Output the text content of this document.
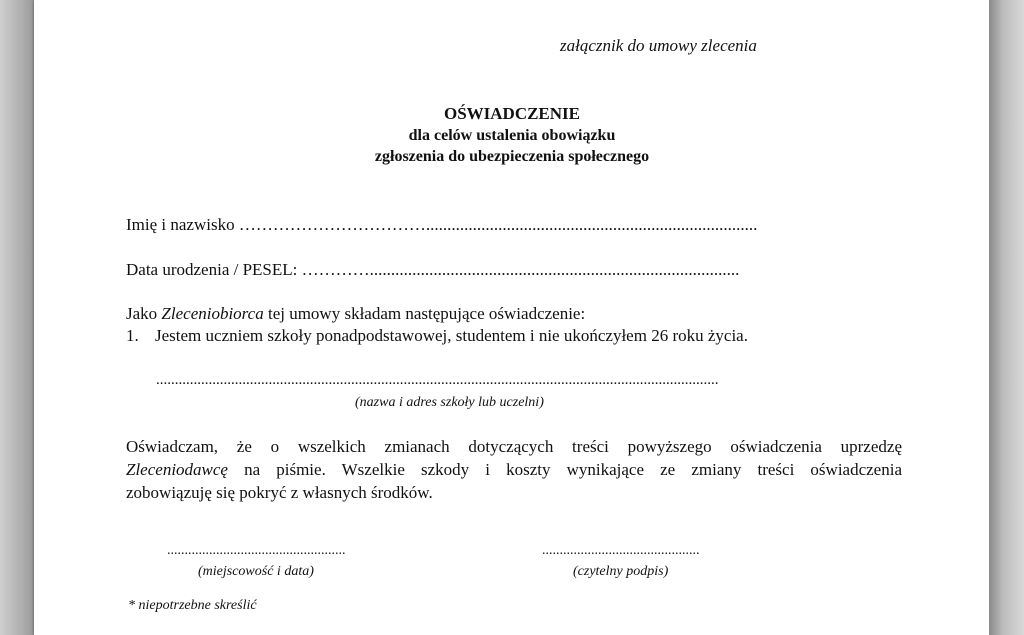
załącznik do umowy zlecenia
OŚWIADCZENIE
dla celów ustalenia obowiązku
zgłoszenia do ubezpieczenia społecznego
Imię i nazwisko ……………………………..............................................................................
Data urodzenia / PESEL: ………….......................................................................................
Jako Zleceniobiorca tej umowy składam następujące oświadczenie:
1. Jestem uczniem szkoły ponadpodstawowej, studentem i nie ukończyłem 26 roku życia.
......................................................................................................................................................
(nazwa i adres szkoły lub uczelni)
Oświadczam, że o wszelkich zmianach dotyczących treści powyższego oświadczenia uprzedzę
Zleceniodawcę na piśmie. Wszelkie szkody i koszty wynikające ze zmiany treści oświadczenia
zobowiązuję się pokryć z własnych środków.
...................................................
(miejscowość i data)
.............................................
(czytelny podpis)
* niepotrzebne skreślić
